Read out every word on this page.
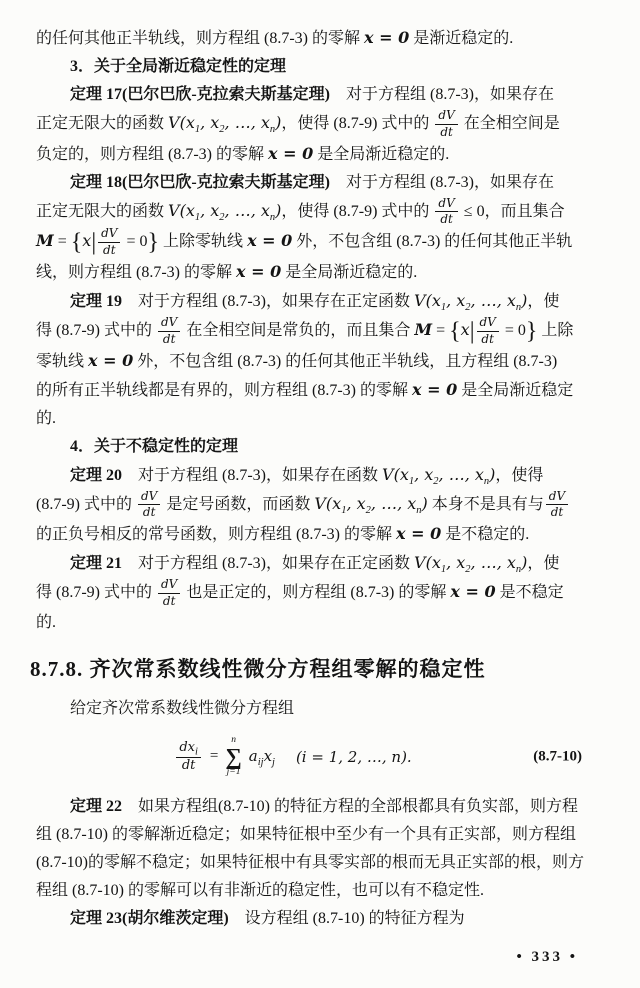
的任何其他正半轨线，则方程组 (8.7-3) 的零解 x = 0 是渐近稳定的.
3．关于全局渐近稳定性的定理
定理 17(巴尔巴欣-克拉索夫斯基定理)　对于方程组 (8.7-3)，如果存在
正定无限大的函数 $V(x_1$, $x_2$, …, $x_n$)，使得 (8.7-9) 式中的 $\frac{dV}{dt}$ 在全相空间是
负定的，则方程组 (8.7-3) 的零解 x = 0 是全局渐近稳定的.
定理 18(巴尔巴欣-克拉索夫斯基定理)　对于方程组 (8.7-3)，如果存在
正定无限大的函数 $V(x_1$, $x_2$, …, $x_n$)，使得 (8.7-9) 式中的 $\frac{dV}{dt} \le 0$，而且集合
$M = \{x| \frac{dV}{dt} = 0\}$ 上除零轨线 x = 0 外，不包含组 (8.7-3) 的任何其他正半轨
线，则方程组 (8.7-3) 的零解 x = 0 是全局渐近稳定的.
定理 19　对于方程组 (8.7-3)，如果存在正定函数 $V(x_1$, $x_2$, …, $x_n$)，使
得 (8.7-9) 式中的 $\frac{dV}{dt}$ 在全相空间是常负的，而且集合 $M = \{x| \frac{dV}{dt} = 0\}$ 上除
零轨线 x = 0 外，不包含组 (8.7-3) 的任何其他正半轨线，且方程组 (8.7-3)
的所有正半轨线都是有界的，则方程组 (8.7-3) 的零解 x = 0 是全局渐近稳定
的.
4．关于不稳定性的定理
定理 20　对于方程组 (8.7-3)，如果存在函数 $V(x_1$, $x_2$, …, $x_n$)，使得
(8.7-9) 式中的 $\frac{dV}{dt}$ 是定号函数，而函数 $V(x_1$, $x_2$, …, $x_n$) 本身不是具有与 $\frac{dV}{dt}$
的正负号相反的常号函数，则方程组 (8.7-3) 的零解 x = 0 是不稳定的.
定理 21　对于方程组 (8.7-3)，如果存在正定函数 $V(x_1$, $x_2$, …, $x_n$)，使
得 (8.7-9) 式中的 $\frac{dV}{dt}$ 也是正定的，则方程组 (8.7-3) 的零解 x = 0 是不稳定
的.
8.7.8. 齐次常系数线性微分方程组零解的稳定性
给定齐次常系数线性微分方程组
$\frac{dx_i}{dt}$ =
n
∑
j=1
$a_{ij}x_j$ (i = 1, 2, …, n).	(8.7-10)
定理 22　如果方程组(8.7-10) 的特征方程的全部根都具有负实部，则方程
组 (8.7-10) 的零解渐近稳定；如果特征根中至少有一个具有正实部，则方程组
(8.7-10)的零解不稳定；如果特征根中有具零实部的根而无具正实部的根，则方
程组 (8.7-10) 的零解可以有非渐近的稳定性，也可以有不稳定性.
定理 23(胡尔维茨定理)　设方程组 (8.7-10) 的特征方程为
• 333 •
